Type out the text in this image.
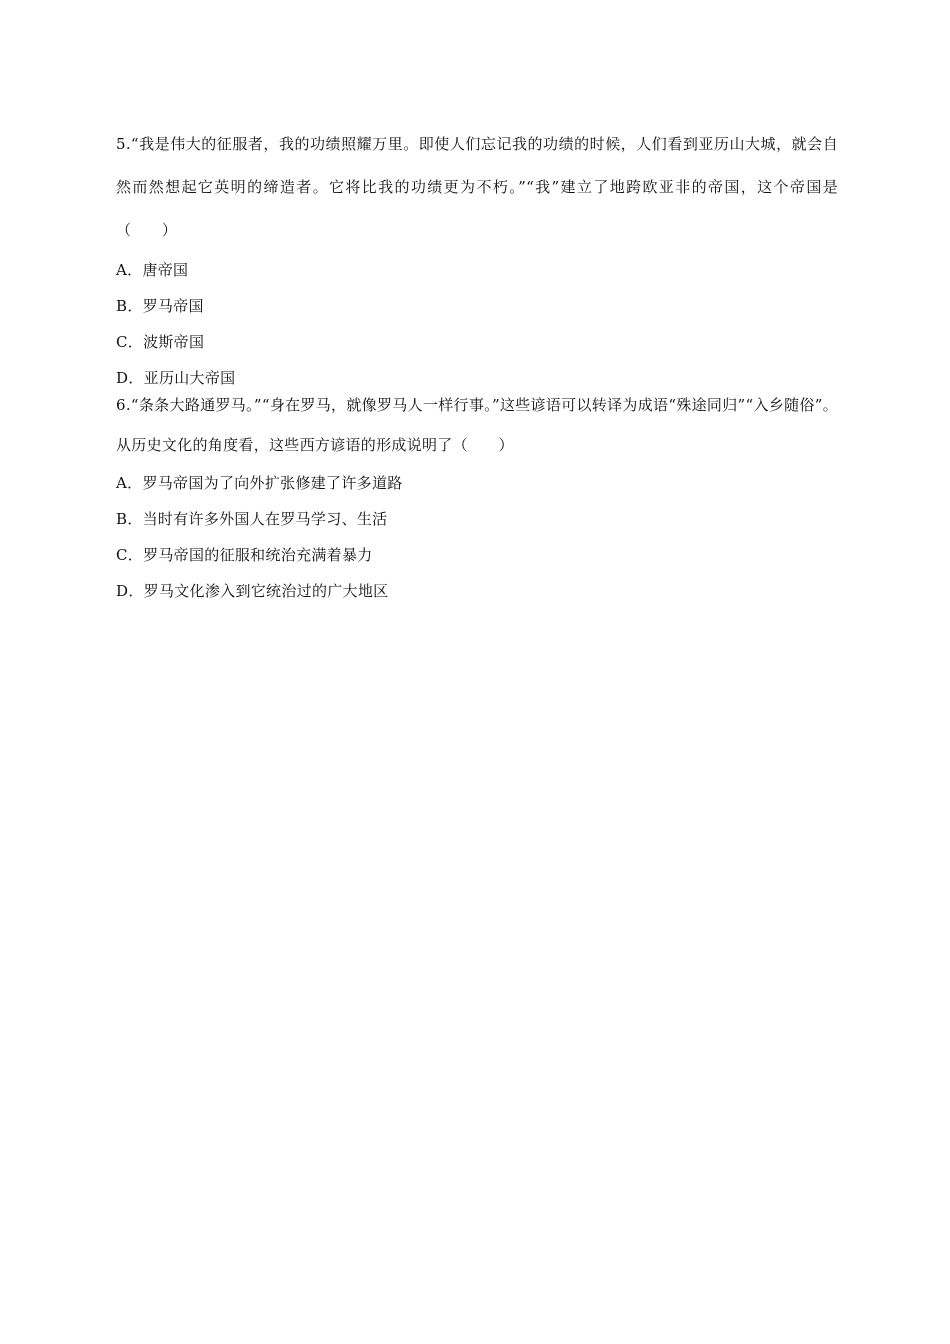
5.“我是伟大的征服者，我的功绩照耀万里。即使人们忘记我的功绩的时候，人们看到亚历山大城，就会自然而然想起它英明的缔造者。它将比我的功绩更为不朽。”“我”建立了地跨欧亚非的帝国，这个帝国是（　　）

A．唐帝国
B．罗马帝国
C．波斯帝国
D．亚历山大帝国

6.“条条大路通罗马。”“身在罗马，就像罗马人一样行事。”这些谚语可以转译为成语“殊途同归”“入乡随俗”。从历史文化的角度看，这些西方谚语的形成说明了（　　）

A．罗马帝国为了向外扩张修建了许多道路
B．当时有许多外国人在罗马学习、生活
C．罗马帝国的征服和统治充满着暴力
D．罗马文化渗入到它统治过的广大地区
